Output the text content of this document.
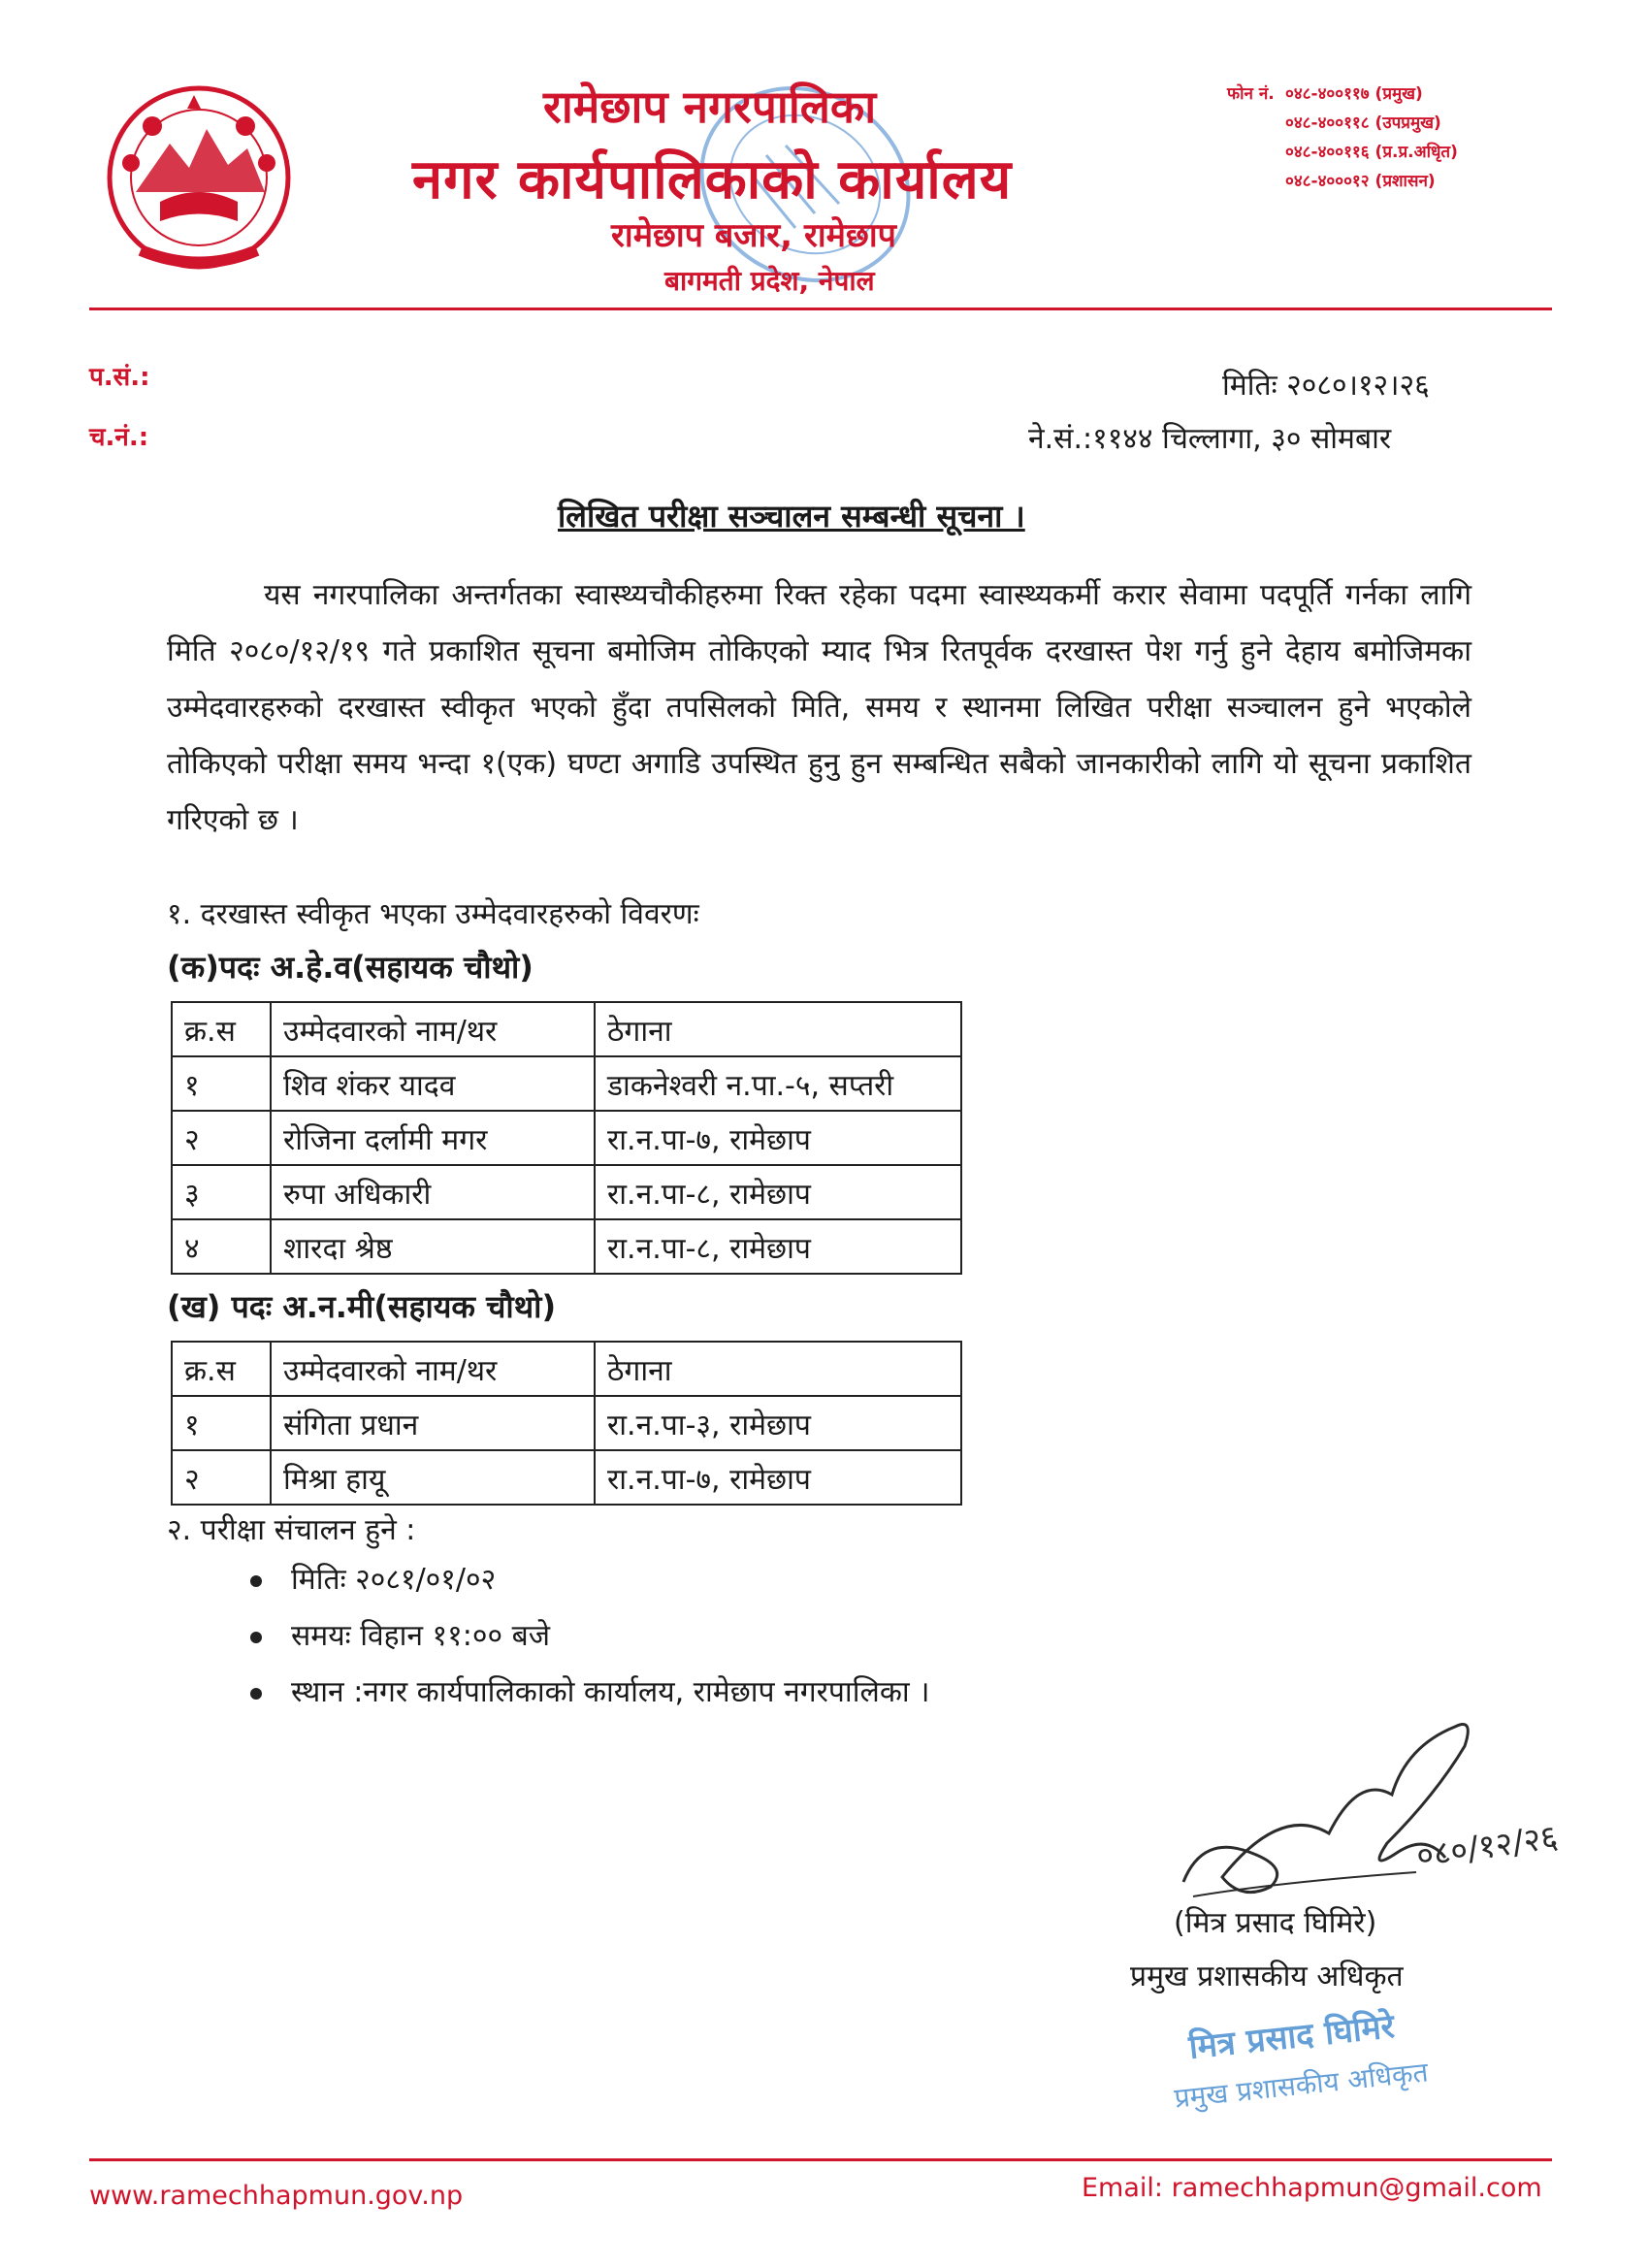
रामेछाप नगरपालिका
नगर कार्यपालिकाको कार्यालय
रामेछाप बजार, रामेछाप
बागमती प्रदेश, नेपाल
फोन नं. ०४८-४००११७ (प्रमुख)
०४८-४००११८ (उपप्रमुख)
०४८-४००११६ (प्र.प्र.अधिृत)
०४८-४०००१२ (प्रशासन)
प.सं.:
च.नं.:
मितिः २०८०।१२।२६
ने.सं.:११४४ चिल्लागा, ३० सोमबार
लिखित परीक्षा सञ्चालन सम्बन्धी सूचना ।
यस नगरपालिका अन्तर्गतका स्वास्थ्यचौकीहरुमा रिक्त रहेका पदमा स्वास्थ्यकर्मी करार सेवामा पदपूर्ति गर्नका लागि मिति २०८०/१२/१९ गते प्रकाशित सूचना बमोजिम तोकिएको म्याद भित्र रितपूर्वक दरखास्त पेश गर्नु हुने देहाय बमोजिमका उम्मेदवारहरुको दरखास्त स्वीकृत भएको हुँदा तपसिलको मिति, समय र स्थानमा लिखित परीक्षा सञ्चालन हुने भएकोले तोकिएको परीक्षा समय भन्दा १(एक) घण्टा अगाडि उपस्थित हुनु हुन सम्बन्धित सबैको जानकारीको लागि यो सूचना प्रकाशित गरिएको छ ।
१. दरखास्त स्वीकृत भएका उम्मेदवारहरुको विवरणः
(क)पदः अ.हे.व(सहायक चौथो)
क्र.स	उम्मेदवारको नाम/थर	ठेगाना
१	शिव शंकर यादव	डाकनेश्वरी न.पा.-५, सप्तरी
२	रोजिना दर्लामी मगर	रा.न.पा-७, रामेछाप
३	रुपा अधिकारी	रा.न.पा-८, रामेछाप
४	शारदा श्रेष्ठ	रा.न.पा-८, रामेछाप
(ख) पदः अ.न.मी(सहायक चौथो)
क्र.स	उम्मेदवारको नाम/थर	ठेगाना
१	संगिता प्रधान	रा.न.पा-३, रामेछाप
२	मिश्रा हायू	रा.न.पा-७, रामेछाप
२. परीक्षा संचालन हुने :
मितिः २०८१/०१/०२
समयः विहान ११:०० बजे
स्थान :नगर कार्यपालिकाको कार्यालय, रामेछाप नगरपालिका ।
०८०/१२/२६
(मित्र प्रसाद घिमिरे)
प्रमुख प्रशासकीय अधिकृत
मित्र प्रसाद घिमिरे
प्रमुख प्रशासकीय अधिकृत
www.ramechhapmun.gov.np	Email: ramechhapmun@gmail.com
